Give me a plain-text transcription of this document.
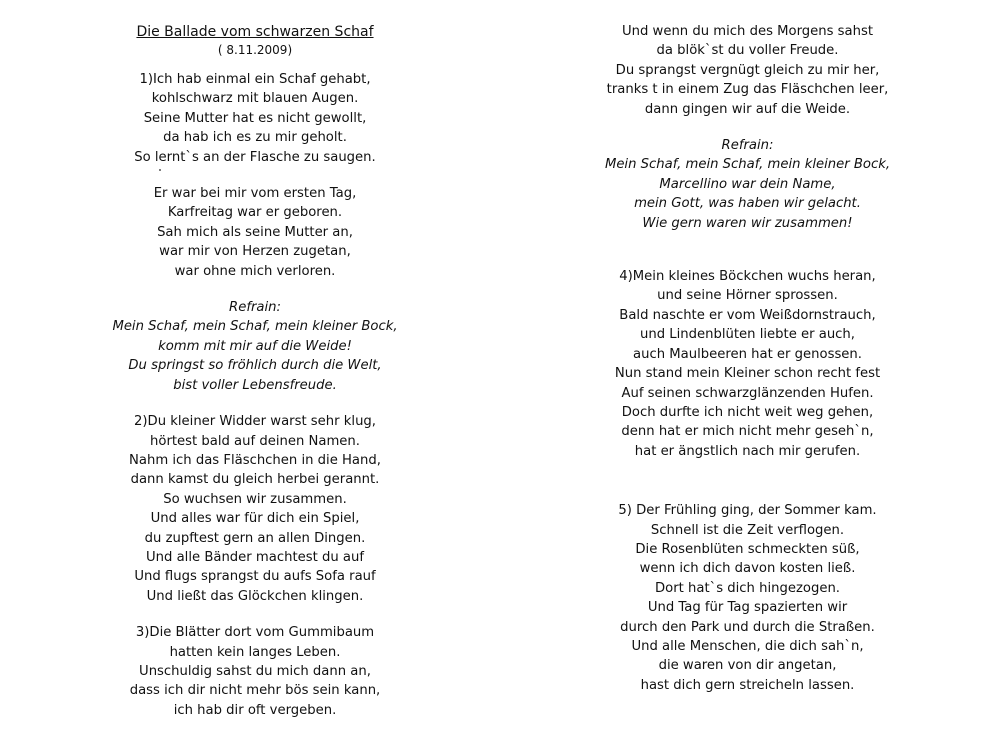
Die Ballade vom schwarzen Schaf
( 8.11.2009)
1)Ich hab einmal ein Schaf gehabt,
kohlschwarz mit blauen Augen.
Seine Mutter hat es nicht gewollt,
da hab ich es zu mir geholt.
So lernt`s an der Flasche zu saugen.
Er war bei mir vom ersten Tag,
Karfreitag war er geboren.
Sah mich als seine Mutter an,
war mir von Herzen zugetan,
war ohne mich verloren.
Refrain:
Mein Schaf, mein Schaf, mein kleiner Bock,
komm mit mir auf die Weide!
Du springst so fröhlich durch die Welt,
bist voller Lebensfreude.
2)Du kleiner Widder warst sehr klug,
hörtest bald auf deinen Namen.
Nahm ich das Fläschchen in die Hand,
dann kamst du gleich herbei gerannt.
So wuchsen wir zusammen.
Und alles war für dich ein Spiel,
du zupftest gern an allen Dingen.
Und alle Bänder machtest du auf
Und flugs sprangst du aufs Sofa rauf
Und ließt das Glöckchen klingen.
3)Die Blätter dort vom Gummibaum
hatten kein langes Leben.
Unschuldig sahst du mich dann an,
dass ich dir nicht mehr bös sein kann,
ich hab dir oft vergeben.
Und wenn du mich des Morgens sahst
da blök`st du voller Freude.
Du sprangst vergnügt gleich zu mir her,
tranks t in einem Zug das Fläschchen leer,
dann gingen wir auf die Weide.
Refrain:
Mein Schaf, mein Schaf, mein kleiner Bock,
Marcellino war dein Name,
mein Gott, was haben wir gelacht.
Wie gern waren wir zusammen!
4)Mein kleines Böckchen wuchs heran,
und seine Hörner sprossen.
Bald naschte er vom Weißdornstrauch,
und Lindenblüten liebte er auch,
auch Maulbeeren hat er genossen.
Nun stand mein Kleiner schon recht fest
Auf seinen schwarzglänzenden Hufen.
Doch durfte ich nicht weit weg gehen,
denn hat er mich nicht mehr geseh`n,
hat er ängstlich nach mir gerufen.
5) Der Frühling ging, der Sommer kam.
Schnell ist die Zeit verflogen.
Die Rosenblüten schmeckten süß,
wenn ich dich davon kosten ließ.
Dort hat`s dich hingezogen.
Und Tag für Tag spazierten wir
durch den Park und durch die Straßen.
Und alle Menschen, die dich sah`n,
die waren von dir angetan,
hast dich gern streicheln lassen.
